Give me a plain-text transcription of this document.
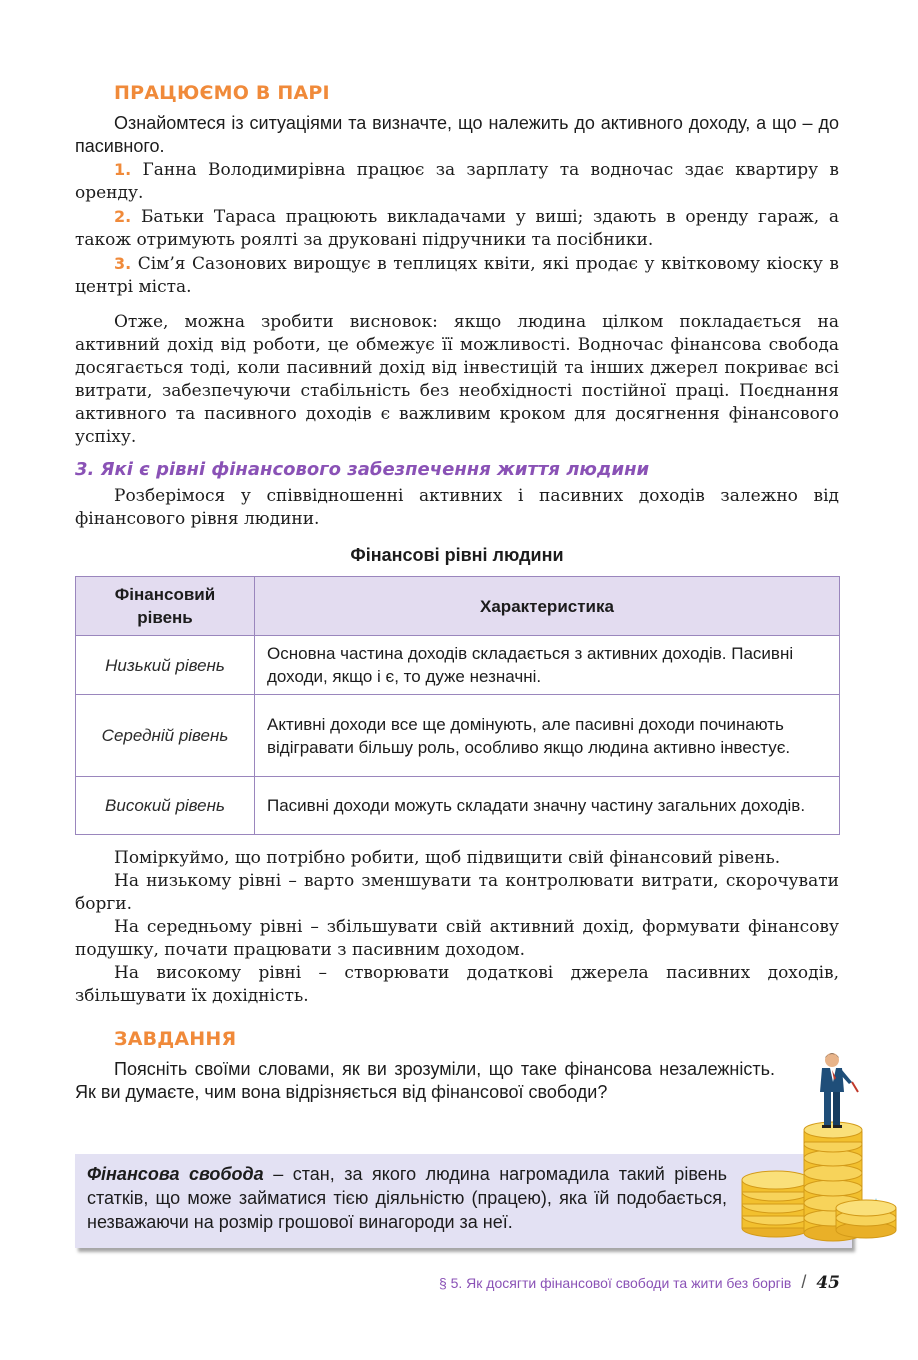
ПРАЦЮЄМО В ПАРІ

Ознайомтеся із ситуаціями та визначте, що належить до активного доходу, а що – до пасивного.

1. Ганна Володимирівна працює за зарплату та водночас здає квартиру в оренду.

2. Батьки Тараса працюють викладачами у виші; здають в оренду гараж, а також отримують роялті за друковані підручники та посібники.

3. Сім’я Сазонових вирощує в теплицях квіти, які продає у квітковому кіоску в центрі міста.

Отже, можна зробити висновок: якщо людина цілком покладається на активний дохід від роботи, це обмежує її можливості. Водночас фінансова свобода досягається тоді, коли пасивний дохід від інвестицій та інших джерел покриває всі витрати, забезпечуючи стабільність без необхідності постійної праці. Поєднання активного та пасивного доходів є важливим кроком для досягнення фінансового успіху.

3. Які є рівні фінансового забезпечення життя людини

Розберімося у співвідношенні активних і пасивних доходів залежно від фінансового рівня людини.

Фінансові рівні людини
Фінансовий рівень	Характеристика
Низький рівень	Основна частина доходів складається з активних доходів. Пасивні доходи, якщо і є, то дуже незначні.
Середній рівень	Активні доходи все ще домінують, але пасивні доходи починають відігравати більшу роль, особливо якщо людина активно інвестує.
Високий рівень	Пасивні доходи можуть складати значну частину загальних доходів.

Поміркуймо, що потрібно робити, щоб підвищити свій фінансовий рівень.

На низькому рівні – варто зменшувати та контролювати витрати, скорочувати борги.

На середньому рівні – збільшувати свій активний дохід, формувати фінансову подушку, почати працювати з пасивним доходом.

На високому рівні – створювати додаткові джерела пасивних доходів, збільшувати їх дохідність.

ЗАВДАННЯ

Поясніть своїми словами, як ви зрозуміли, що таке фінансова незалежність. Як ви думаєте, чим вона відрізняється від фінансової свободи?

Фінансова свобода – стан, за якого людина нагромадила такий рівень статків, що може займатися тією діяльністю (працею), яка їй подобається, незважаючи на розмір грошової винагороди за неї.
§ 5. Як досягти фінансової свободи та жити без боргів / 45
